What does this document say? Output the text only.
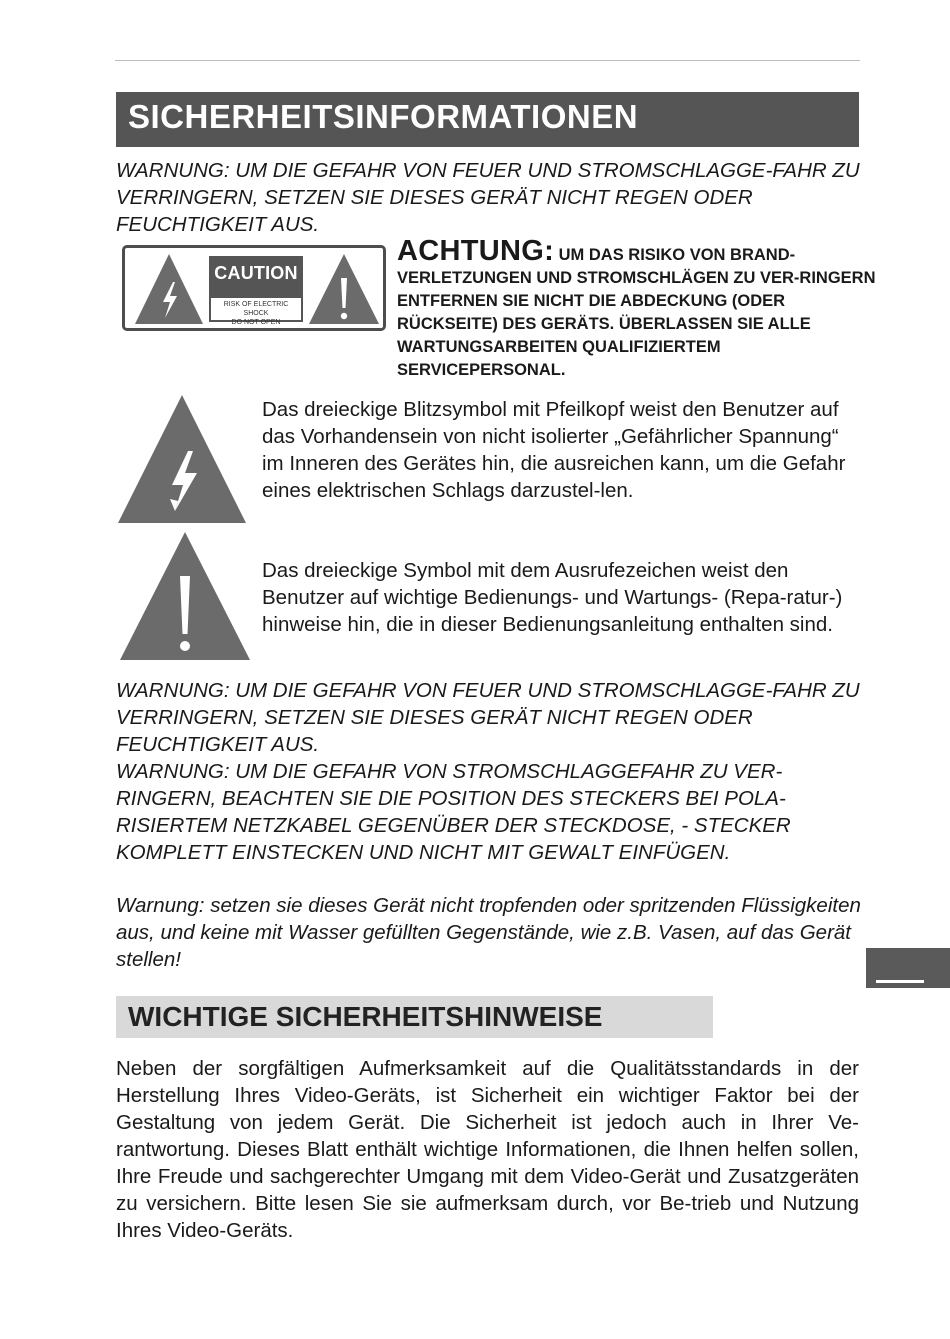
SICHERHEITSINFORMATIONEN

WARNUNG: UM DIE GEFAHR VON FEUER UND STROMSCHLAGGE-FAHR ZU VERRINGERN, SETZEN SIE DIESES GERÄT NICHT REGEN ODER FEUCHTIGKEIT AUS.

CAUTION
RISK OF ELECTRIC SHOCK
DO NOT OPEN

ACHTUNG: UM DAS RISIKO VON BRAND-VERLETZUNGEN UND STROMSCHLÄGEN ZU VER-RINGERN ENTFERNEN SIE NICHT DIE ABDECKUNG (ODER RÜCKSEITE) DES GERÄTS. ÜBERLASSEN SIE ALLE WARTUNGSARBEITEN QUALIFIZIERTEM SERVICEPERSONAL.

Das dreieckige Blitzsymbol mit Pfeilkopf weist den Benutzer auf das Vorhandensein von nicht isolierter „Gefährlicher Spannung“ im Inneren des Gerätes hin, die ausreichen kann, um die Gefahr eines elektrischen Schlags darzustel-len.

Das dreieckige Symbol mit dem Ausrufezeichen weist den Benutzer auf wichtige Bedienungs- und Wartungs- (Repa-ratur-) hinweise hin, die in dieser Bedienungsanleitung enthalten sind.

WARNUNG: UM DIE GEFAHR VON FEUER UND STROMSCHLAGGE-FAHR ZU VERRINGERN, SETZEN SIE DIESES GERÄT NICHT REGEN ODER FEUCHTIGKEIT AUS.

WARNUNG: UM DIE GEFAHR VON STROMSCHLAGGEFAHR ZU VER-RINGERN, BEACHTEN SIE DIE POSITION DES STECKERS BEI POLA-RISIERTEM NETZKABEL GEGENÜBER DER STECKDOSE, - STECKER KOMPLETT EINSTECKEN UND NICHT MIT GEWALT EINFÜGEN.

Warnung: setzen sie dieses Gerät nicht tropfenden oder spritzenden Flüssigkeiten aus, und keine mit Wasser gefüllten Gegenstände, wie z.B. Vasen, auf das Gerät stellen!

WICHTIGE SICHERHEITSHINWEISE

Neben der sorgfältigen Aufmerksamkeit auf die Qualitätsstandards in der Herstellung Ihres Video-Geräts, ist Sicherheit ein wichtiger Faktor bei der Gestaltung von jedem Gerät. Die Sicherheit ist jedoch auch in Ihrer Ve-rantwortung. Dieses Blatt enthält wichtige Informationen, die Ihnen helfen sollen, Ihre Freude und sachgerechter Umgang mit dem Video-Gerät und Zusatzgeräten zu versichern. Bitte lesen Sie sie aufmerksam durch, vor Be-trieb und Nutzung Ihres Video-Geräts.
